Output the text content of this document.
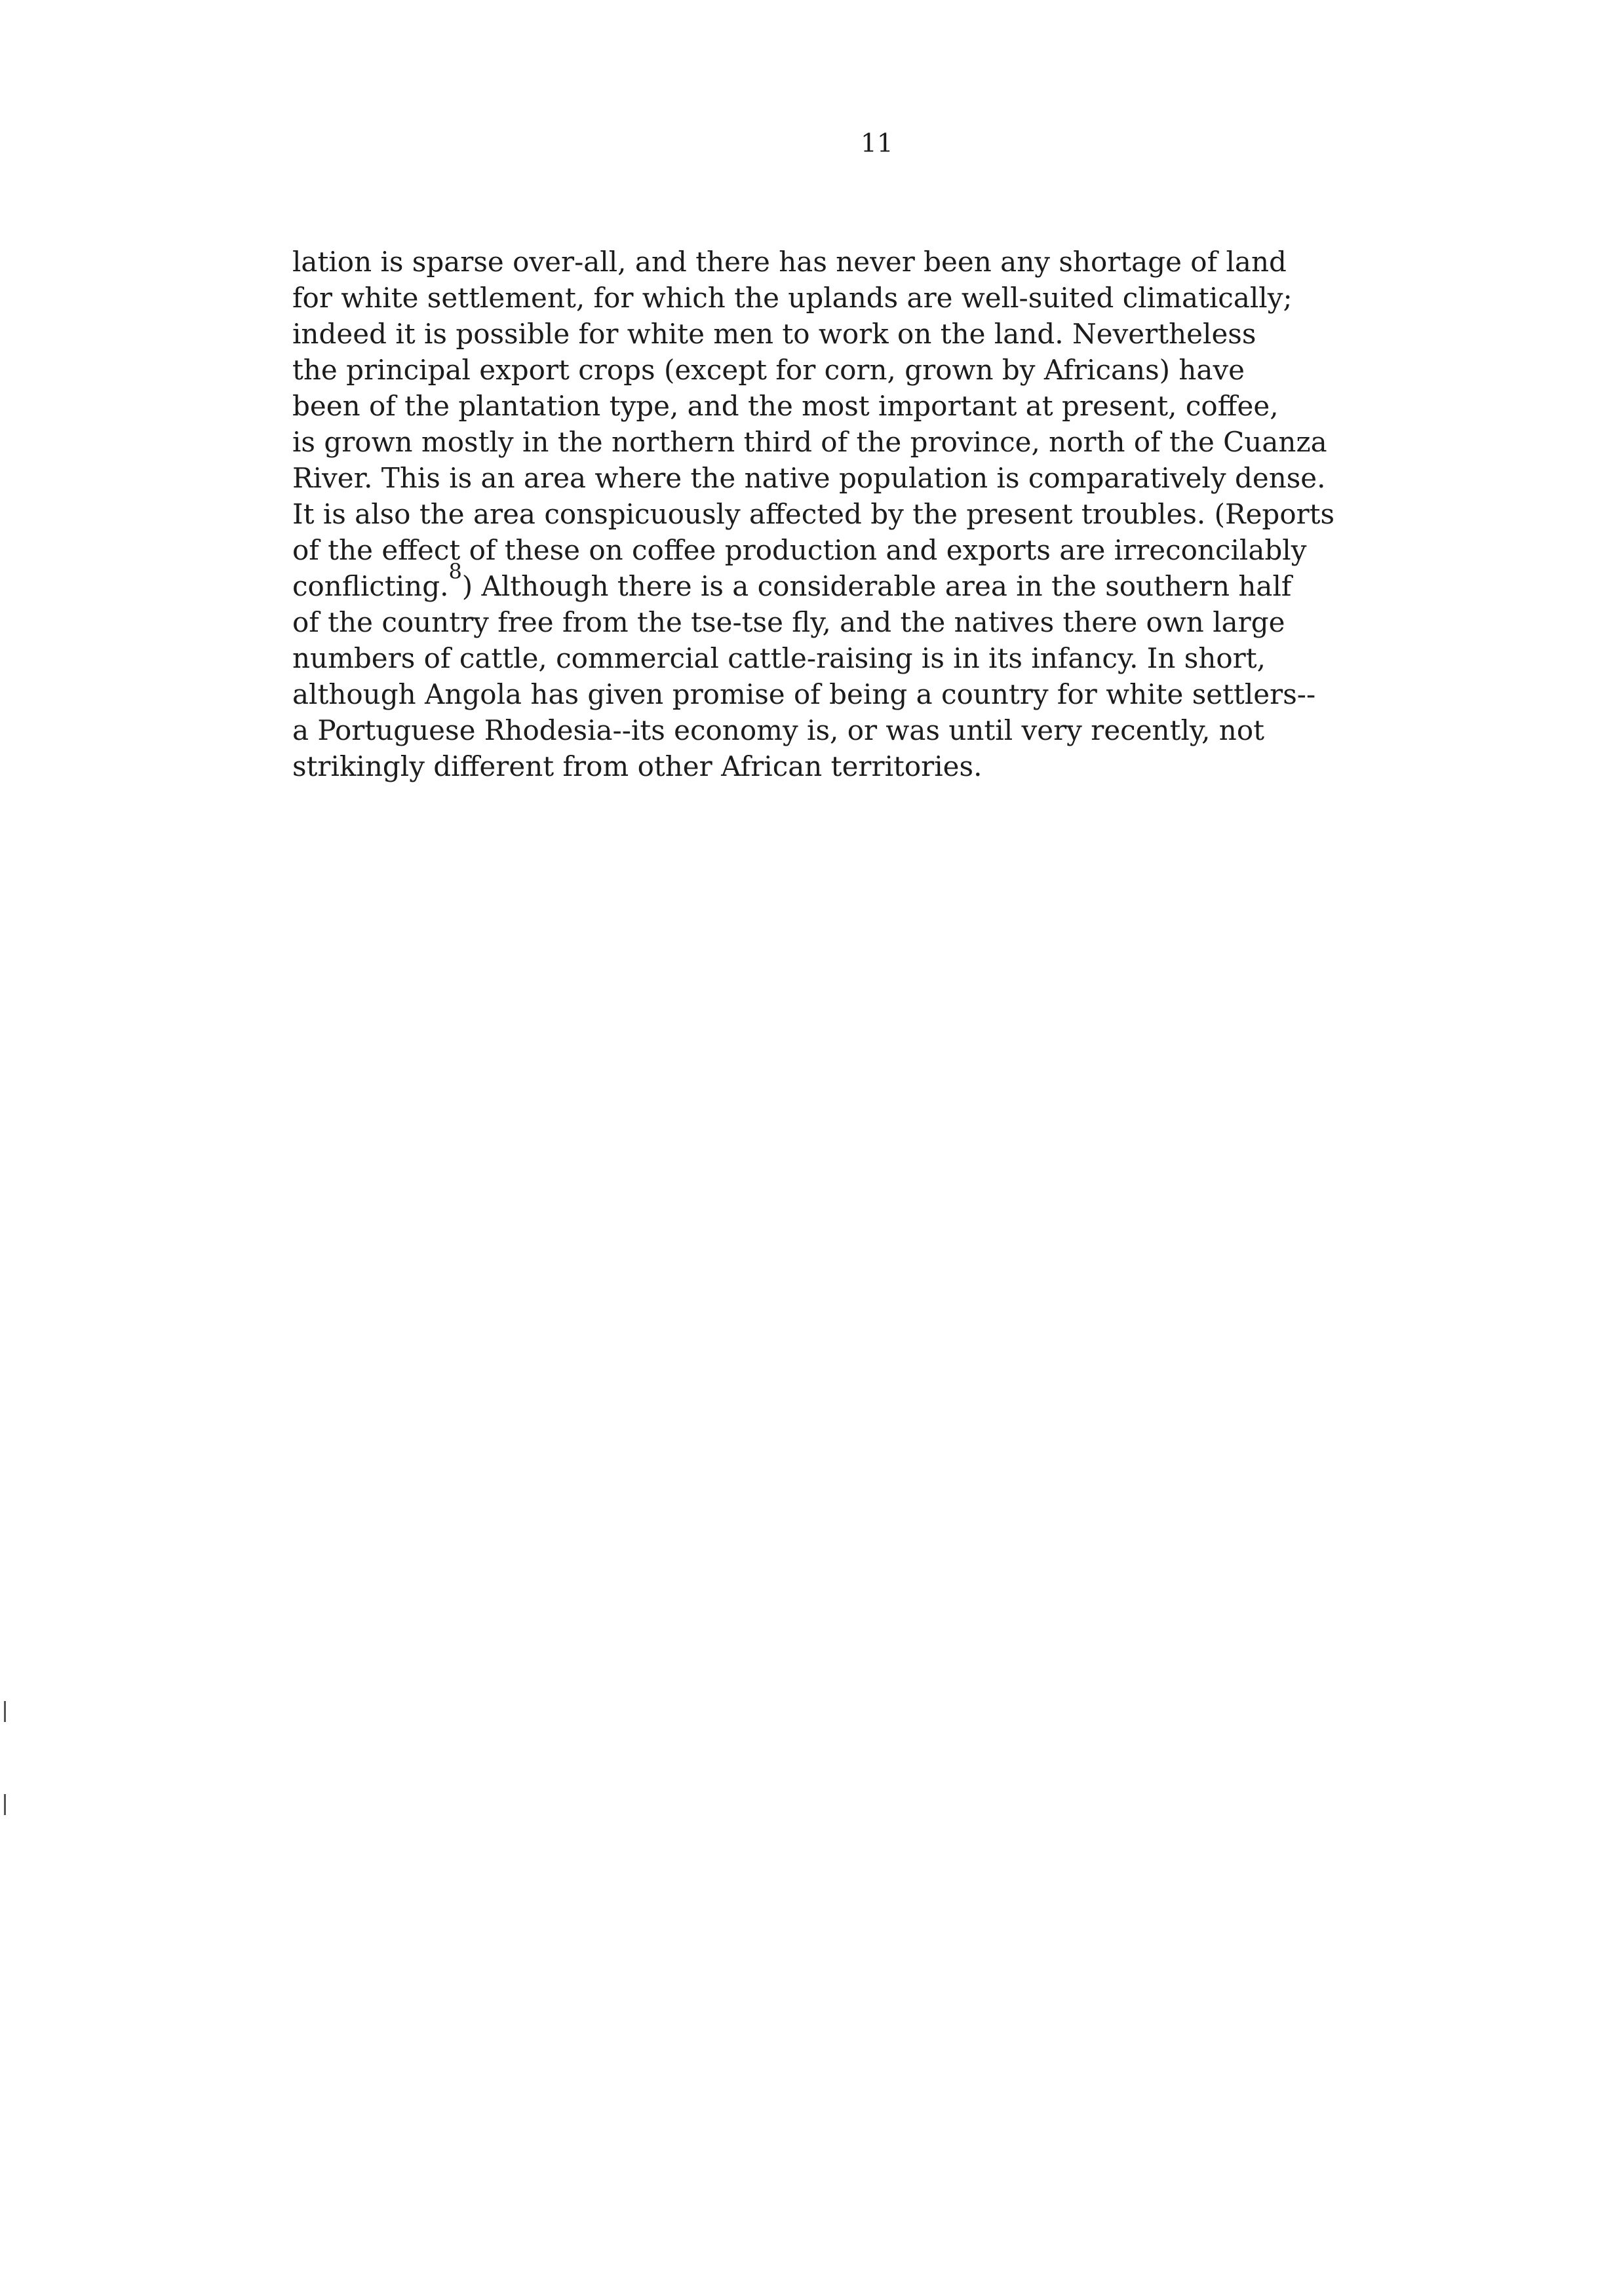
11
lation is sparse over-all, and there has never been any shortage of land
for white settlement, for which the uplands are well-suited climatically;
indeed it is possible for white men to work on the land. Nevertheless
the principal export crops (except for corn, grown by Africans) have
been of the plantation type, and the most important at present, coffee,
is grown mostly in the northern third of the province, north of the Cuanza
River. This is an area where the native population is comparatively dense.
It is also the area conspicuously affected by the present troubles. (Reports
of the effect of these on coffee production and exports are irreconcilably
conflicting.$^8$) Although there is a considerable area in the southern half
of the country free from the tse-tse fly, and the natives there own large
numbers of cattle, commercial cattle-raising is in its infancy. In short,
although Angola has given promise of being a country for white settlers--
a Portuguese Rhodesia--its economy is, or was until very recently, not
strikingly different from other African territories.
